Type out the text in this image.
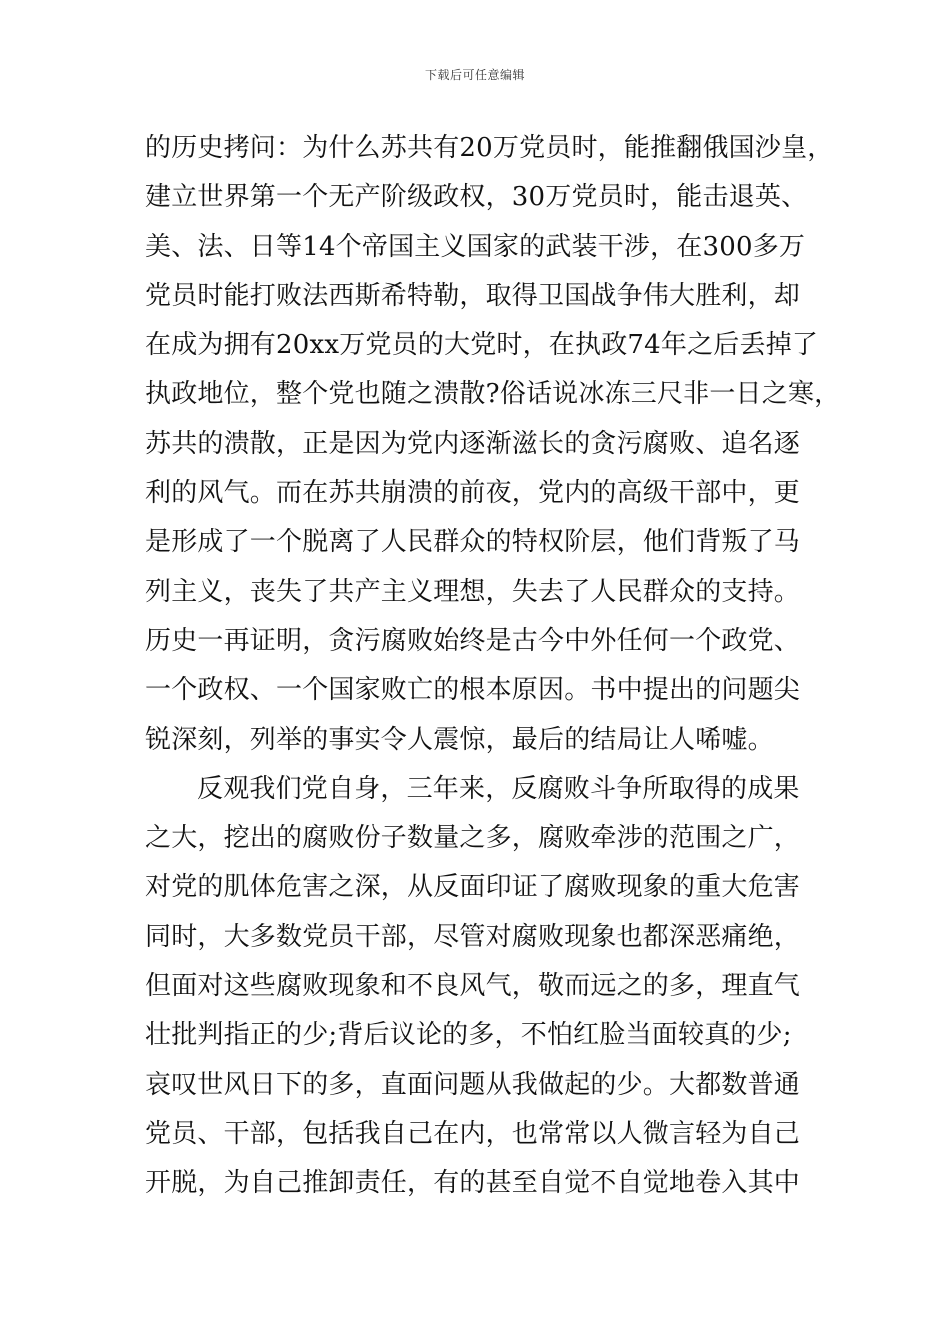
下载后可任意编辑
的历史拷问：为什么苏共有20万党员时，能推翻俄国沙皇，
建立世界第一个无产阶级政权，30万党员时，能击退英、
美、法、日等14个帝国主义国家的武装干涉，在300多万
党员时能打败法西斯希特勒，取得卫国战争伟大胜利，却
在成为拥有20xx万党员的大党时，在执政74年之后丢掉了
执政地位，整个党也随之溃散?俗话说冰冻三尺非一日之寒，
苏共的溃散，正是因为党内逐渐滋长的贪污腐败、追名逐
利的风气。而在苏共崩溃的前夜，党内的高级干部中，更
是形成了一个脱离了人民群众的特权阶层，他们背叛了马
列主义，丧失了共产主义理想，失去了人民群众的支持。
历史一再证明，贪污腐败始终是古今中外任何一个政党、
一个政权、一个国家败亡的根本原因。书中提出的问题尖
锐深刻，列举的事实令人震惊，最后的结局让人唏嘘。
反观我们党自身，三年来，反腐败斗争所取得的成果
之大，挖出的腐败份子数量之多，腐败牵涉的范围之广，
对党的肌体危害之深，从反面印证了腐败现象的重大危害
同时，大多数党员干部，尽管对腐败现象也都深恶痛绝，
但面对这些腐败现象和不良风气，敬而远之的多，理直气
壮批判指正的少;背后议论的多，不怕红脸当面较真的少;
哀叹世风日下的多，直面问题从我做起的少。大都数普通
党员、干部，包括我自己在内，也常常以人微言轻为自己
开脱，为自己推卸责任，有的甚至自觉不自觉地卷入其中
